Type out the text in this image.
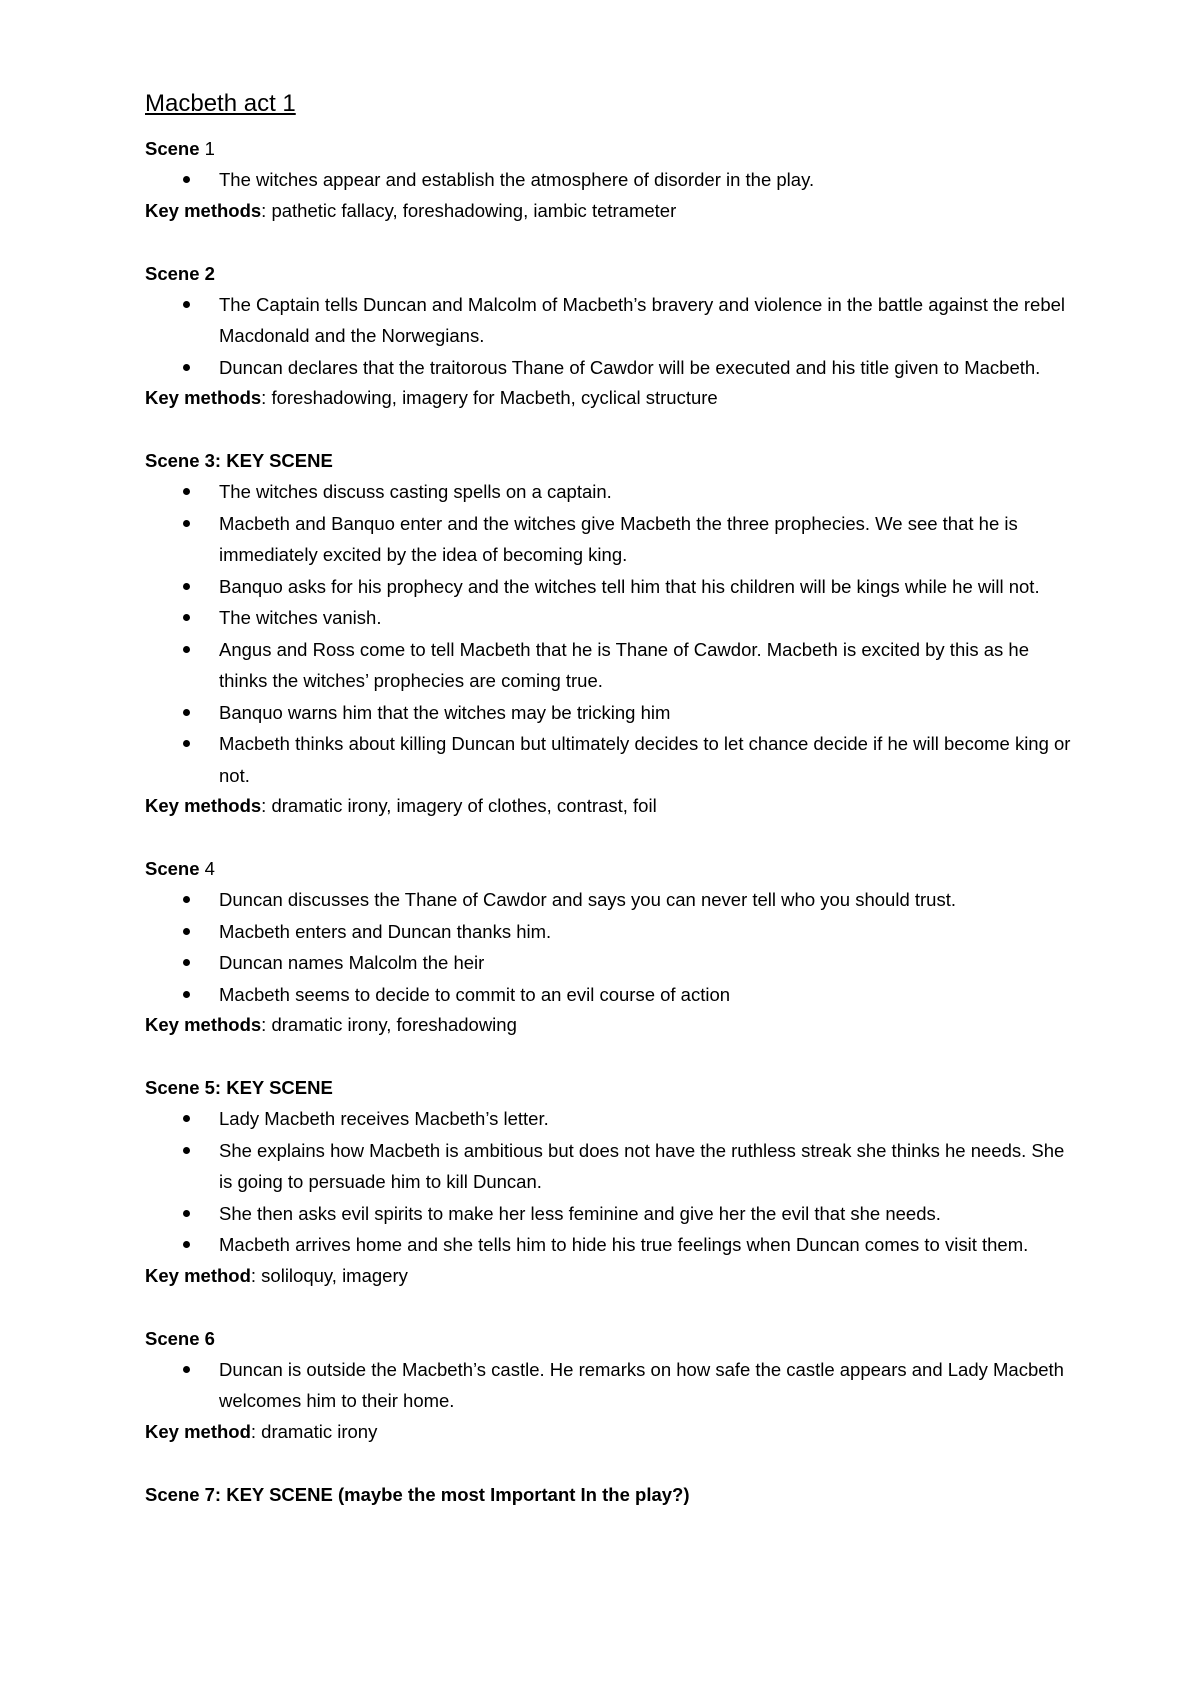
Macbeth act 1

Scene 1

The witches appear and establish the atmosphere of disorder in the play.

Key methods: pathetic fallacy, foreshadowing, iambic tetrameter

Scene 2

The Captain tells Duncan and Malcolm of Macbeth’s bravery and violence in the battle against the rebel Macdonald and the Norwegians.
Duncan declares that the traitorous Thane of Cawdor will be executed and his title given to Macbeth.

Key methods: foreshadowing, imagery for Macbeth, cyclical structure

Scene 3: KEY SCENE

The witches discuss casting spells on a captain.
Macbeth and Banquo enter and the witches give Macbeth the three prophecies. We see that he is immediately excited by the idea of becoming king.
Banquo asks for his prophecy and the witches tell him that his children will be kings while he will not.
The witches vanish.
Angus and Ross come to tell Macbeth that he is Thane of Cawdor. Macbeth is excited by this as he thinks the witches’ prophecies are coming true.
Banquo warns him that the witches may be tricking him
Macbeth thinks about killing Duncan but ultimately decides to let chance decide if he will become king or not.

Key methods: dramatic irony, imagery of clothes, contrast, foil

Scene 4

Duncan discusses the Thane of Cawdor and says you can never tell who you should trust.
Macbeth enters and Duncan thanks him.
Duncan names Malcolm the heir
Macbeth seems to decide to commit to an evil course of action

Key methods: dramatic irony, foreshadowing

Scene 5: KEY SCENE

Lady Macbeth receives Macbeth’s letter.
She explains how Macbeth is ambitious but does not have the ruthless streak she thinks he needs. She is going to persuade him to kill Duncan.
She then asks evil spirits to make her less feminine and give her the evil that she needs.
Macbeth arrives home and she tells him to hide his true feelings when Duncan comes to visit them.

Key method: soliloquy, imagery

Scene 6

Duncan is outside the Macbeth’s castle. He remarks on how safe the castle appears and Lady Macbeth welcomes him to their home.

Key method: dramatic irony

Scene 7: KEY SCENE (maybe the most Important In the play?)
